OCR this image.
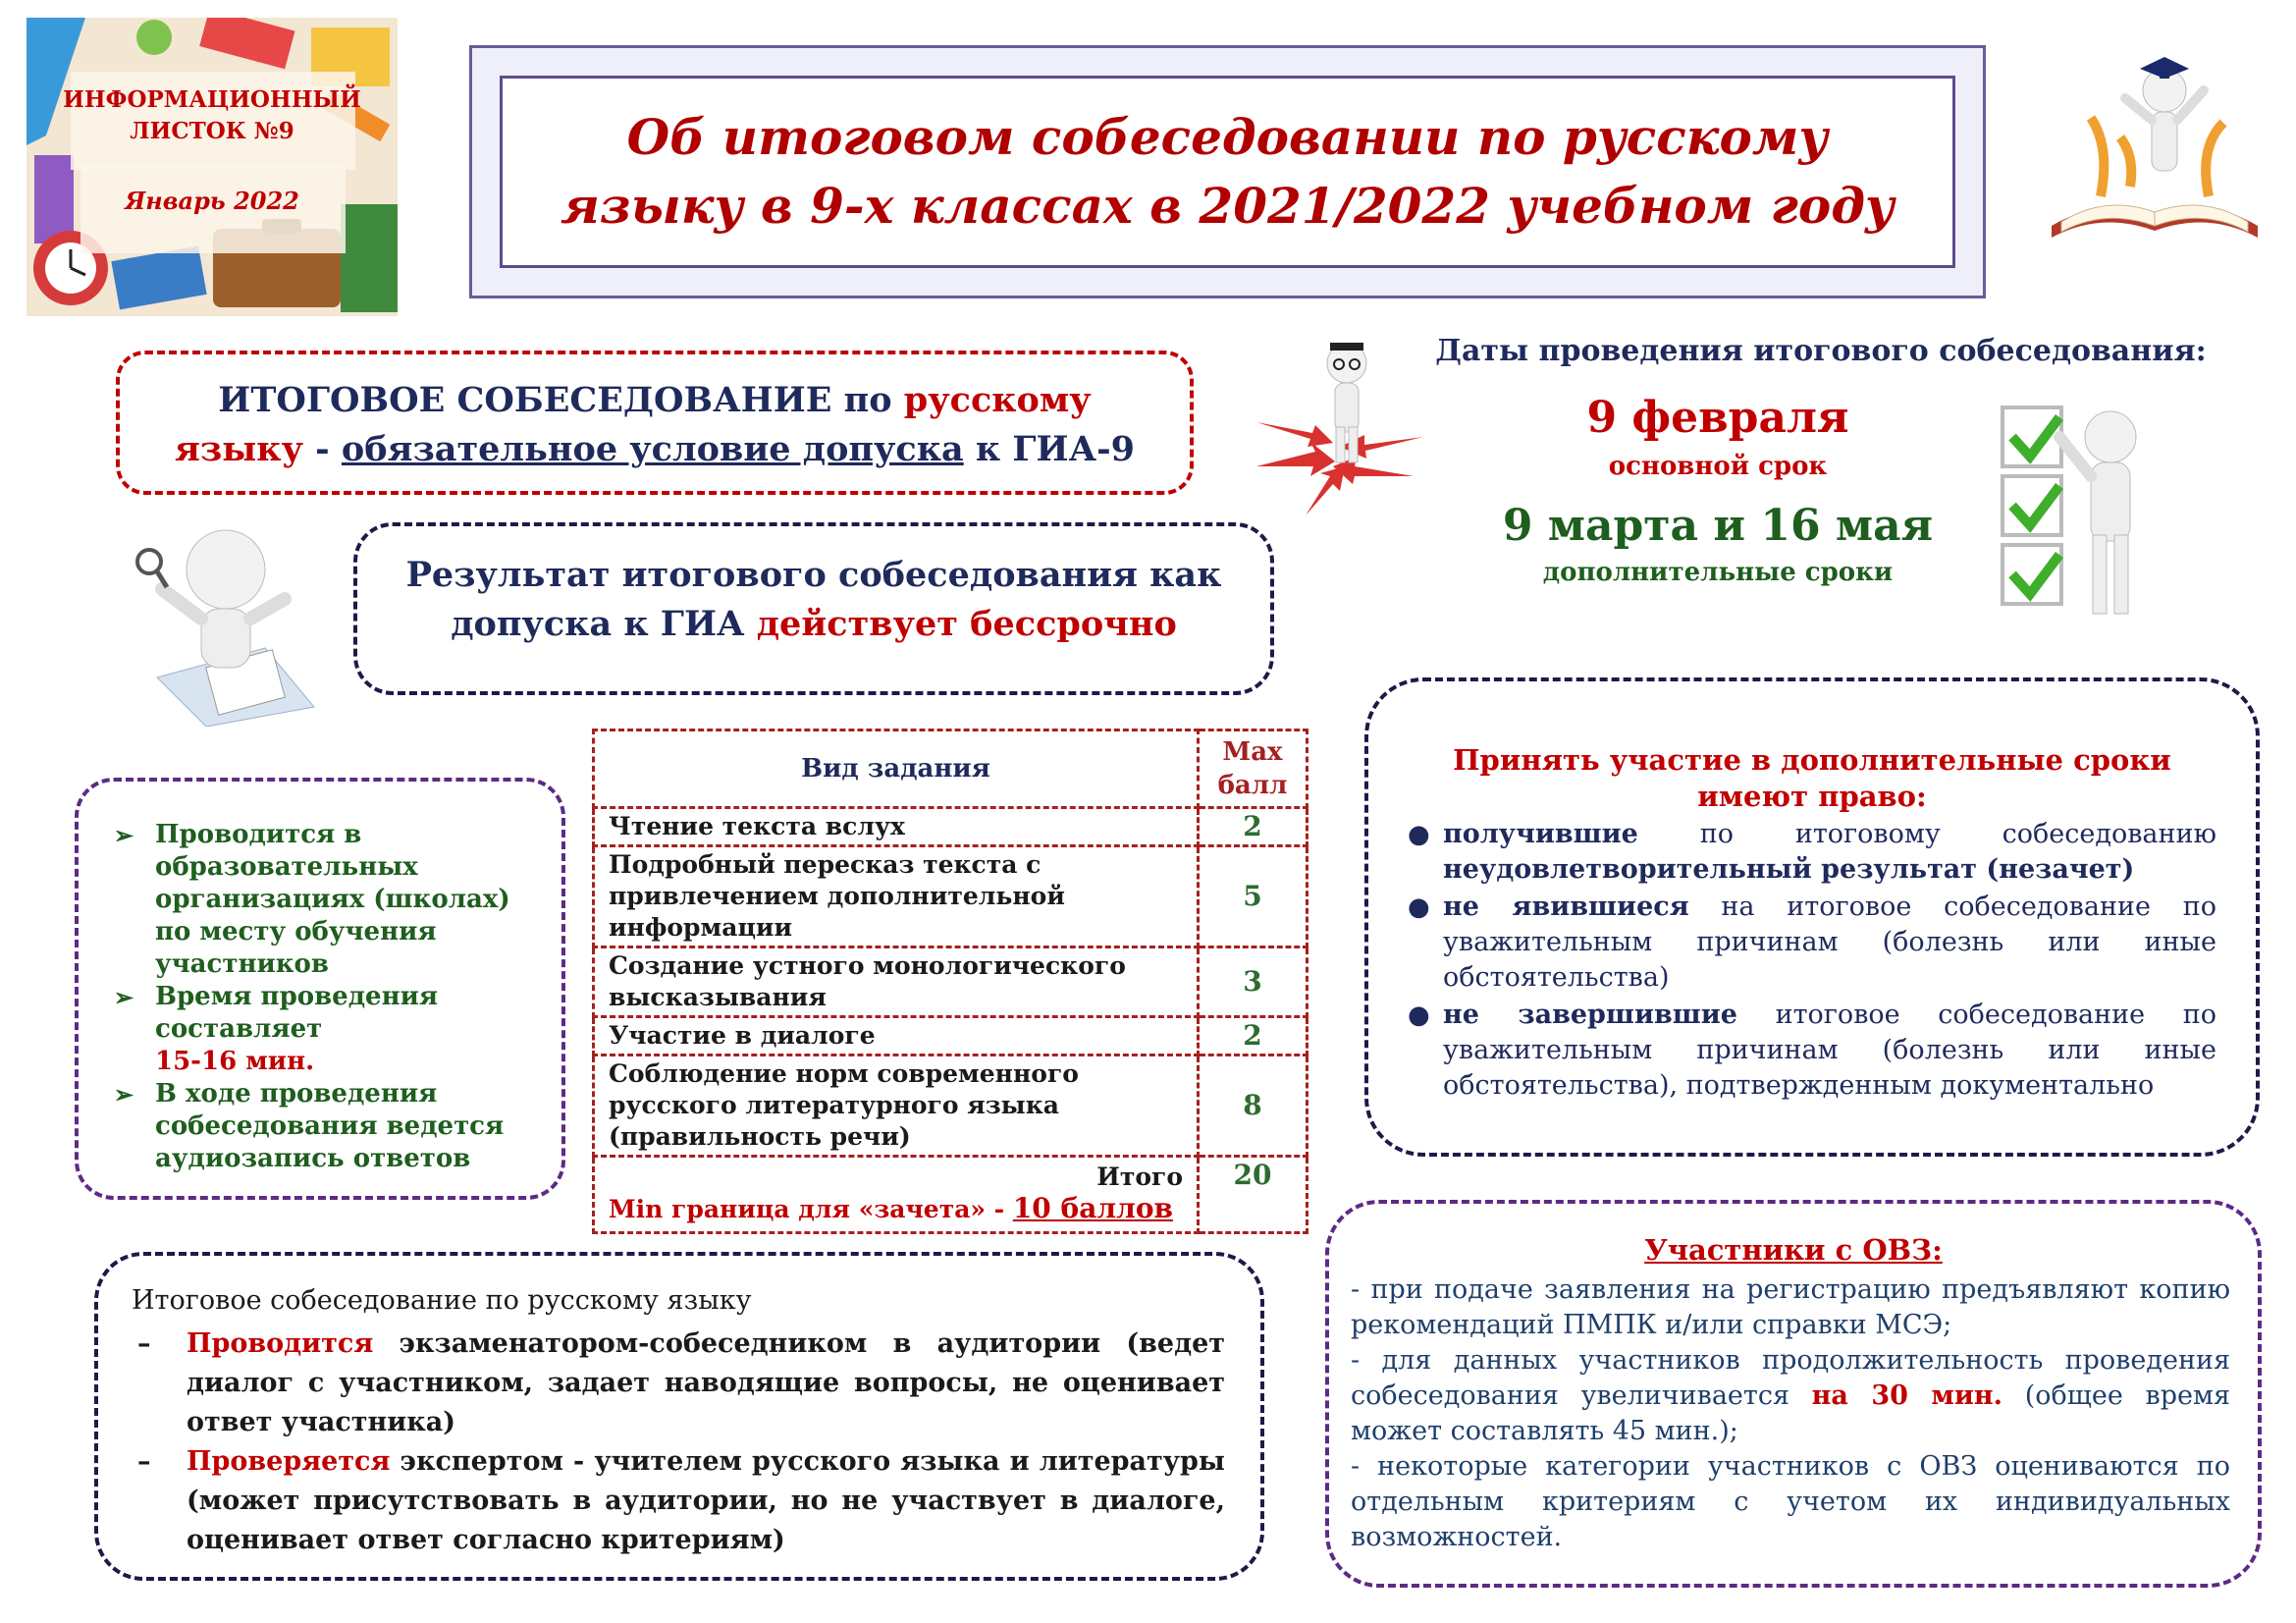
ИНФОРМАЦИОННЫЙ
ЛИСТОК №9
Январь 2022
Об итоговом собеседовании по русскому
языку в 9-х классах в 2021/2022 учебном году
ИТОГОВОЕ СОБЕСЕДОВАНИЕ по русскому
языку - обязательное условие допуска к ГИА-9
Результат итогового собеседования как
допуска к ГИА действует бессрочно
Даты проведения итогового собеседования:
9 февраля
основной срок
9 марта и 16 мая
дополнительные сроки
➢ Проводится в образовательных организациях (школах) по месту обучения участников
➢ Время проведения составляет
15-16 мин.
➢ В ходе проведения собеседования ведется аудиозапись ответов
Вид задания	Max балл
Чтение текста вслух	2
Подробный пересказ текста с привлечением дополнительной информации	5
Создание устного монологического высказывания	3
Участие в диалоге	2
Соблюдение норм современного русского литературного языка (правильность речи)	8

Итого
Min граница для «зачета» - 10 баллов	20
Принять участие в дополнительные сроки имеют право:
● получившие по итоговому собеседованию неудовлетворительный результат (незачет)
● не явившиеся на итоговое собеседование по уважительным причинам (болезнь или иные обстоятельства)
● не завершившие итоговое собеседование по уважительным причинам (болезнь или иные обстоятельства), подтвержденным документально
Итоговое собеседование по русскому языку
– Проводится экзаменатором-собеседником в аудитории (ведет диалог с участником, задает наводящие вопросы, не оценивает ответ участника)
– Проверяется экспертом - учителем русского языка и литературы (может присутствовать в аудитории, но не участвует в диалоге, оценивает ответ согласно критериям)
Участники с ОВЗ:

- при подаче заявления на регистрацию предъявляют копию рекомендаций ПМПК и/или справки МСЭ;

- для данных участников продолжительность проведения собеседования увеличивается на 30 мин. (общее время может составлять 45 мин.);

- некоторые категории участников с ОВЗ оцениваются по отдельным критериям с учетом их индивидуальных возможностей.
